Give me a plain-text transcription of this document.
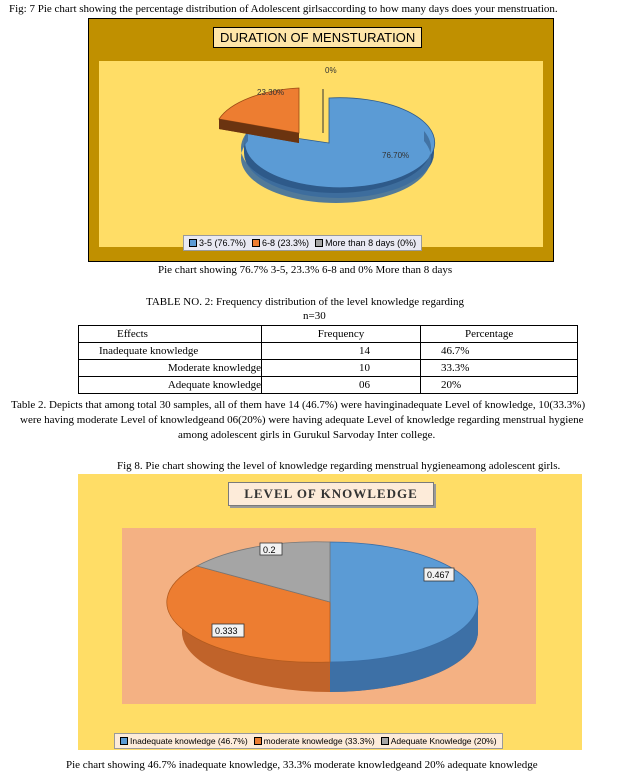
Fig: 7 Pie chart showing the percentage distribution of Adolescent girlsaccording to how many days does your menstruation.
DURATION OF MENSTURATION
0%
23.30%
76.70%
3-5 (76.7%) 6-8 (23.3%) More than 8 days (0%)
Pie chart showing 76.7% 3-5, 23.3% 6-8 and 0% More than 8 days
TABLE NO. 2: Frequency distribution of the level knowledge regarding
n=30
Effects	Frequency	Percentage
Inadequate knowledge	14	46.7%
Moderate knowledge	10	33.3%
Adequate knowledge	06	20%
Table 2. Depicts that among total 30 samples, all of them have 14 (46.7%) were havinginadequate Level of knowledge, 10(33.3%)
were having moderate Level of knowledgeand 06(20%) were having adequate Level of knowledge regarding menstrual hygiene
among adolescent girls in Gurukul Sarvoday Inter college.
Fig 8. Pie chart showing the level of knowledge regarding menstrual hygieneamong adolescent girls.
LEVEL OF KNOWLEDGE
0.2
0.467
0.333
Inadequate knowledge (46.7%) moderate knowledge (33.3%) Adequate Knowledge (20%)
Pie chart showing 46.7% inadequate knowledge, 33.3% moderate knowledgeand 20% adequate knowledge
